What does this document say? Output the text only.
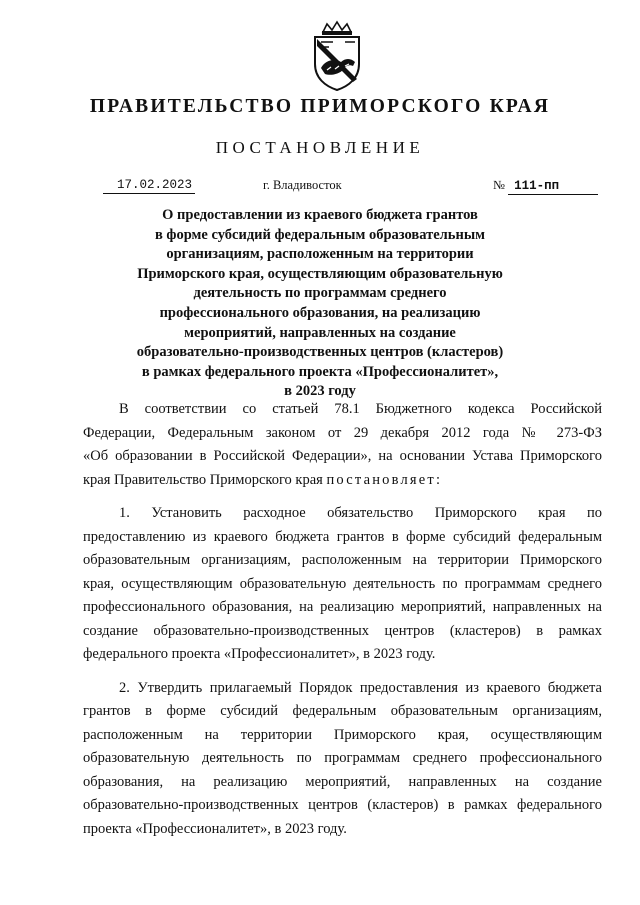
ПРАВИТЕЛЬСТВО ПРИМОРСКОГО КРАЯ
ПОСТАНОВЛЕНИЕ
17.02.2023	г. Владивосток	№ 111-пп
О предоставлении из краевого бюджета грантов
в форме субсидий федеральным образовательным
организациям, расположенным на территории
Приморского края, осуществляющим образовательную
деятельность по программам среднего
профессионального образования, на реализацию
мероприятий, направленных на создание
образовательно-производственных центров (кластеров)
в рамках федерального проекта «Профессионалитет»,
в 2023 году
В соответствии со статьей 78.1 Бюджетного кодекса Российской
Федерации, Федеральным законом от 29 декабря 2012 года № 273-ФЗ
«Об образовании в Российской Федерации», на основании Устава Приморского
края Правительство Приморского края постановляет:
1. Установить расходное обязательство Приморского края по
предоставлению из краевого бюджета грантов в форме субсидий федеральным
образовательным организациям, расположенным на территории Приморского
края, осуществляющим образовательную деятельность по программам среднего
профессионального образования, на реализацию мероприятий, направленных на
создание образовательно-производственных центров (кластеров) в рамках
федерального проекта «Профессионалитет», в 2023 году.
2. Утвердить прилагаемый Порядок предоставления из краевого бюджета
грантов в форме субсидий федеральным образовательным организациям,
расположенным на территории Приморского края, осуществляющим
образовательную деятельность по программам среднего профессионального
образования, на реализацию мероприятий, направленных на создание
образовательно-производственных центров (кластеров) в рамках федерального
проекта «Профессионалитет», в 2023 году.
